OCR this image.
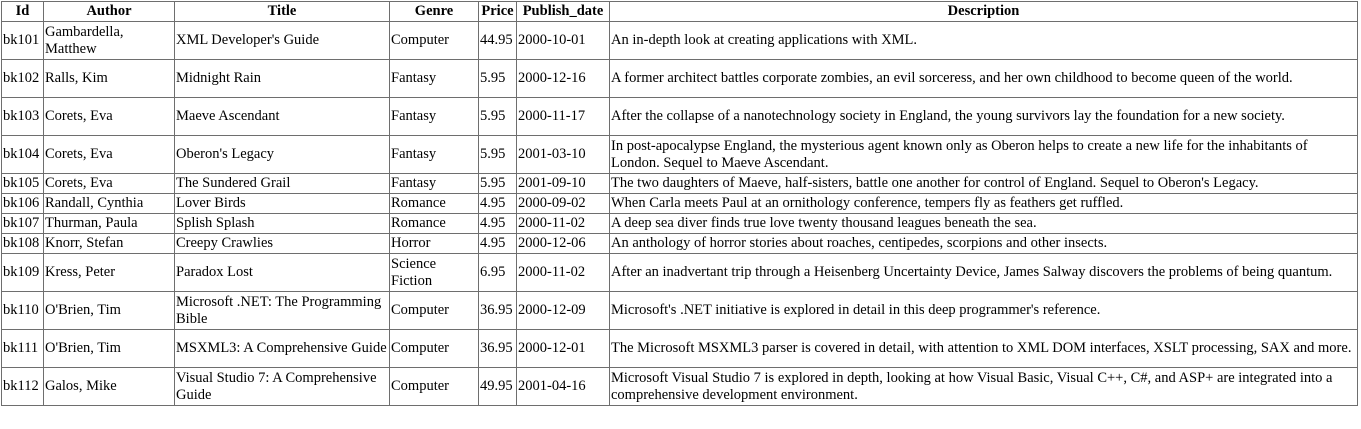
Id	Author	Title	Genre	Price	Publish_date	Description
bk101	Gambardella, Matthew	XML Developer's Guide	Computer	44.95	2000-10-01	An in-depth look at creating applications with XML.
bk102	Ralls, Kim	Midnight Rain	Fantasy	5.95	2000-12-16	A former architect battles corporate zombies, an evil sorceress, and her own childhood to become queen of the world.
bk103	Corets, Eva	Maeve Ascendant	Fantasy	5.95	2000-11-17	After the collapse of a nanotechnology society in England, the young survivors lay the foundation for a new society.
bk104	Corets, Eva	Oberon's Legacy	Fantasy	5.95	2001-03-10	In post-apocalypse England, the mysterious agent known only as Oberon helps to create a new life for the inhabitants of London. Sequel to Maeve Ascendant.
bk105	Corets, Eva	The Sundered Grail	Fantasy	5.95	2001-09-10	The two daughters of Maeve, half-sisters, battle one another for control of England. Sequel to Oberon's Legacy.
bk106	Randall, Cynthia	Lover Birds	Romance	4.95	2000-09-02	When Carla meets Paul at an ornithology conference, tempers fly as feathers get ruffled.
bk107	Thurman, Paula	Splish Splash	Romance	4.95	2000-11-02	A deep sea diver finds true love twenty thousand leagues beneath the sea.
bk108	Knorr, Stefan	Creepy Crawlies	Horror	4.95	2000-12-06	An anthology of horror stories about roaches, centipedes, scorpions and other insects.
bk109	Kress, Peter	Paradox Lost	Science Fiction	6.95	2000-11-02	After an inadvertant trip through a Heisenberg Uncertainty Device, James Salway discovers the problems of being quantum.
bk110	O'Brien, Tim	Microsoft .NET: The Programming Bible	Computer	36.95	2000-12-09	Microsoft's .NET initiative is explored in detail in this deep programmer's reference.
bk111	O'Brien, Tim	MSXML3: A Comprehensive Guide	Computer	36.95	2000-12-01	The Microsoft MSXML3 parser is covered in detail, with attention to XML DOM interfaces, XSLT processing, SAX and more.
bk112	Galos, Mike	Visual Studio 7: A Comprehensive Guide	Computer	49.95	2001-04-16	Microsoft Visual Studio 7 is explored in depth, looking at how Visual Basic, Visual C++, C#, and ASP+ are integrated into a comprehensive development environment.
